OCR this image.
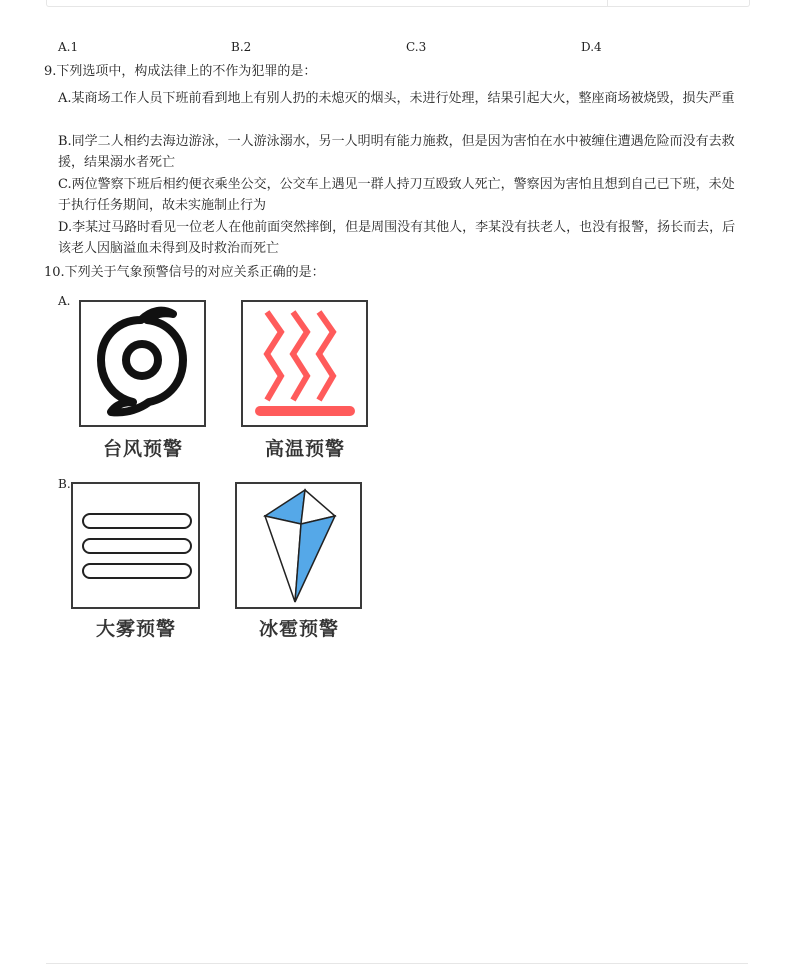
A.1	B.2	C.3	D.4
9.下列选项中，构成法律上的不作为犯罪的是：
A.某商场工作人员下班前看到地上有别人扔的未熄灭的烟头，未进行处理，结果引起大火，整座商场被烧毁，损失严重
B.同学二人相约去海边游泳，一人游泳溺水，另一人明明有能力施救，但是因为害怕在水中被缠住遭遇危险而没有去救援，结果溺水者死亡
C.两位警察下班后相约便衣乘坐公交，公交车上遇见一群人持刀互殴致人死亡，警察因为害怕且想到自己已下班，未处于执行任务期间，故未实施制止行为
D.李某过马路时看见一位老人在他前面突然摔倒，但是周围没有其他人，李某没有扶老人，也没有报警，扬长而去，后该老人因脑溢血未得到及时救治而死亡
10.下列关于气象预警信号的对应关系正确的是：
A.
B.
台风预警	高温预警
大雾预警	冰雹预警
